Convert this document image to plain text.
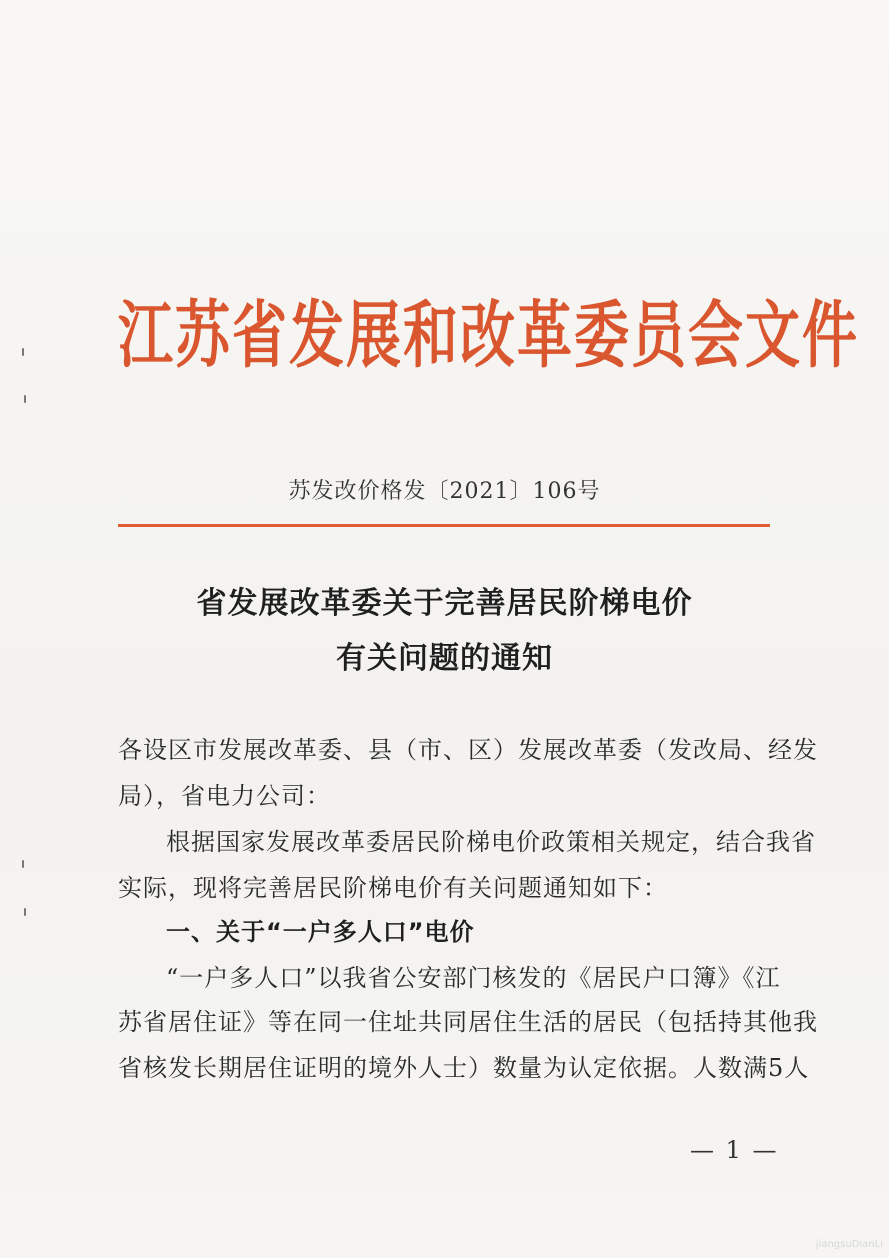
江苏省发展和改革委员会文件
苏发改价格发〔2021〕106号
省发展改革委关于完善居民阶梯电价
有关问题的通知
各设区市发展改革委、县（市、区）发展改革委（发改局、经发
局），省电力公司：
根据国家发展改革委居民阶梯电价政策相关规定，结合我省
实际，现将完善居民阶梯电价有关问题通知如下：
一、关于“一户多人口”电价
“一户多人口”以我省公安部门核发的《居民户口簿》《江
苏省居住证》等在同一住址共同居住生活的居民（包括持其他我
省核发长期居住证明的境外人士）数量为认定依据。人数满5人
— 1 —
jiangsuDianLi
